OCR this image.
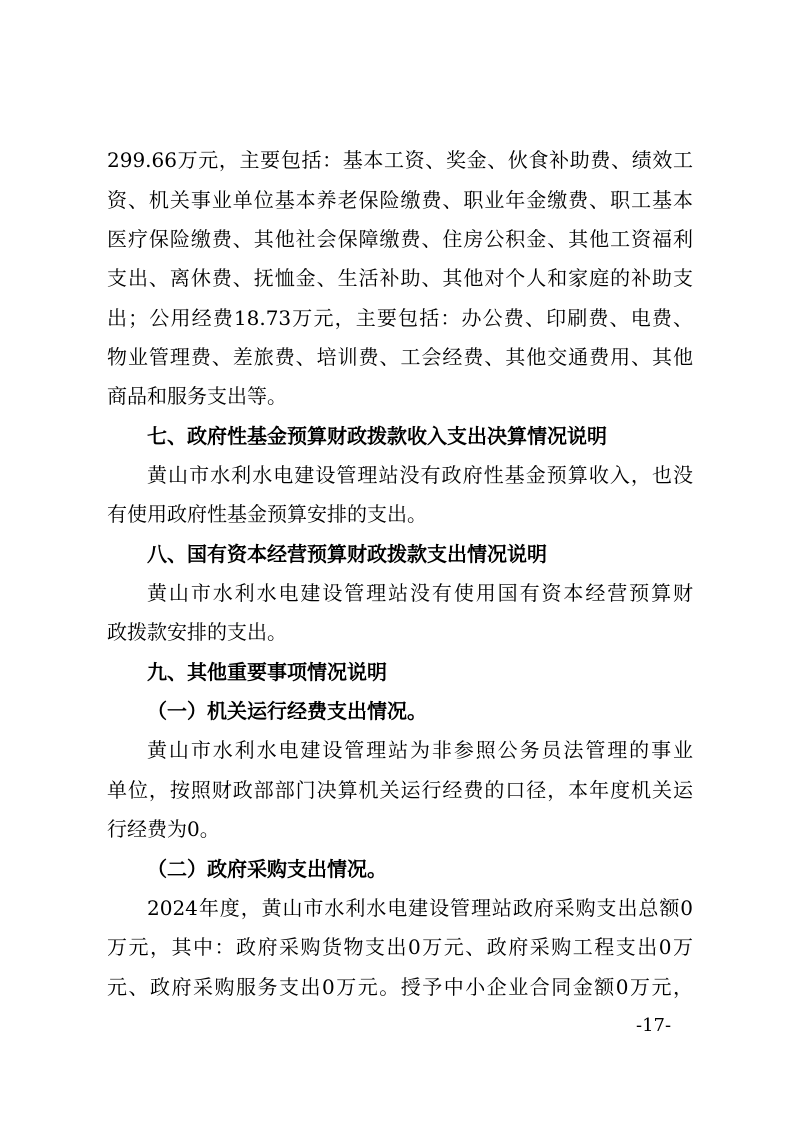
299.66万元，主要包括：基本工资、奖金、伙食补助费、绩效工
资、机关事业单位基本养老保险缴费、职业年金缴费、职工基本
医疗保险缴费、其他社会保障缴费、住房公积金、其他工资福利
支出、离休费、抚恤金、生活补助、其他对个人和家庭的补助支
出；公用经费18.73万元，主要包括：办公费、印刷费、电费、
物业管理费、差旅费、培训费、工会经费、其他交通费用、其他
商品和服务支出等。
七、政府性基金预算财政拨款收入支出决算情况说明
黄山市水利水电建设管理站没有政府性基金预算收入，也没
有使用政府性基金预算安排的支出。
八、国有资本经营预算财政拨款支出情况说明
黄山市水利水电建设管理站没有使用国有资本经营预算财
政拨款安排的支出。
九、其他重要事项情况说明
（一）机关运行经费支出情况。
黄山市水利水电建设管理站为非参照公务员法管理的事业
单位，按照财政部部门决算机关运行经费的口径，本年度机关运
行经费为0。
（二）政府采购支出情况。
2024年度，黄山市水利水电建设管理站政府采购支出总额0
万元，其中：政府采购货物支出0万元、政府采购工程支出0万
元、政府采购服务支出0万元。授予中小企业合同金额0万元，
-17-
